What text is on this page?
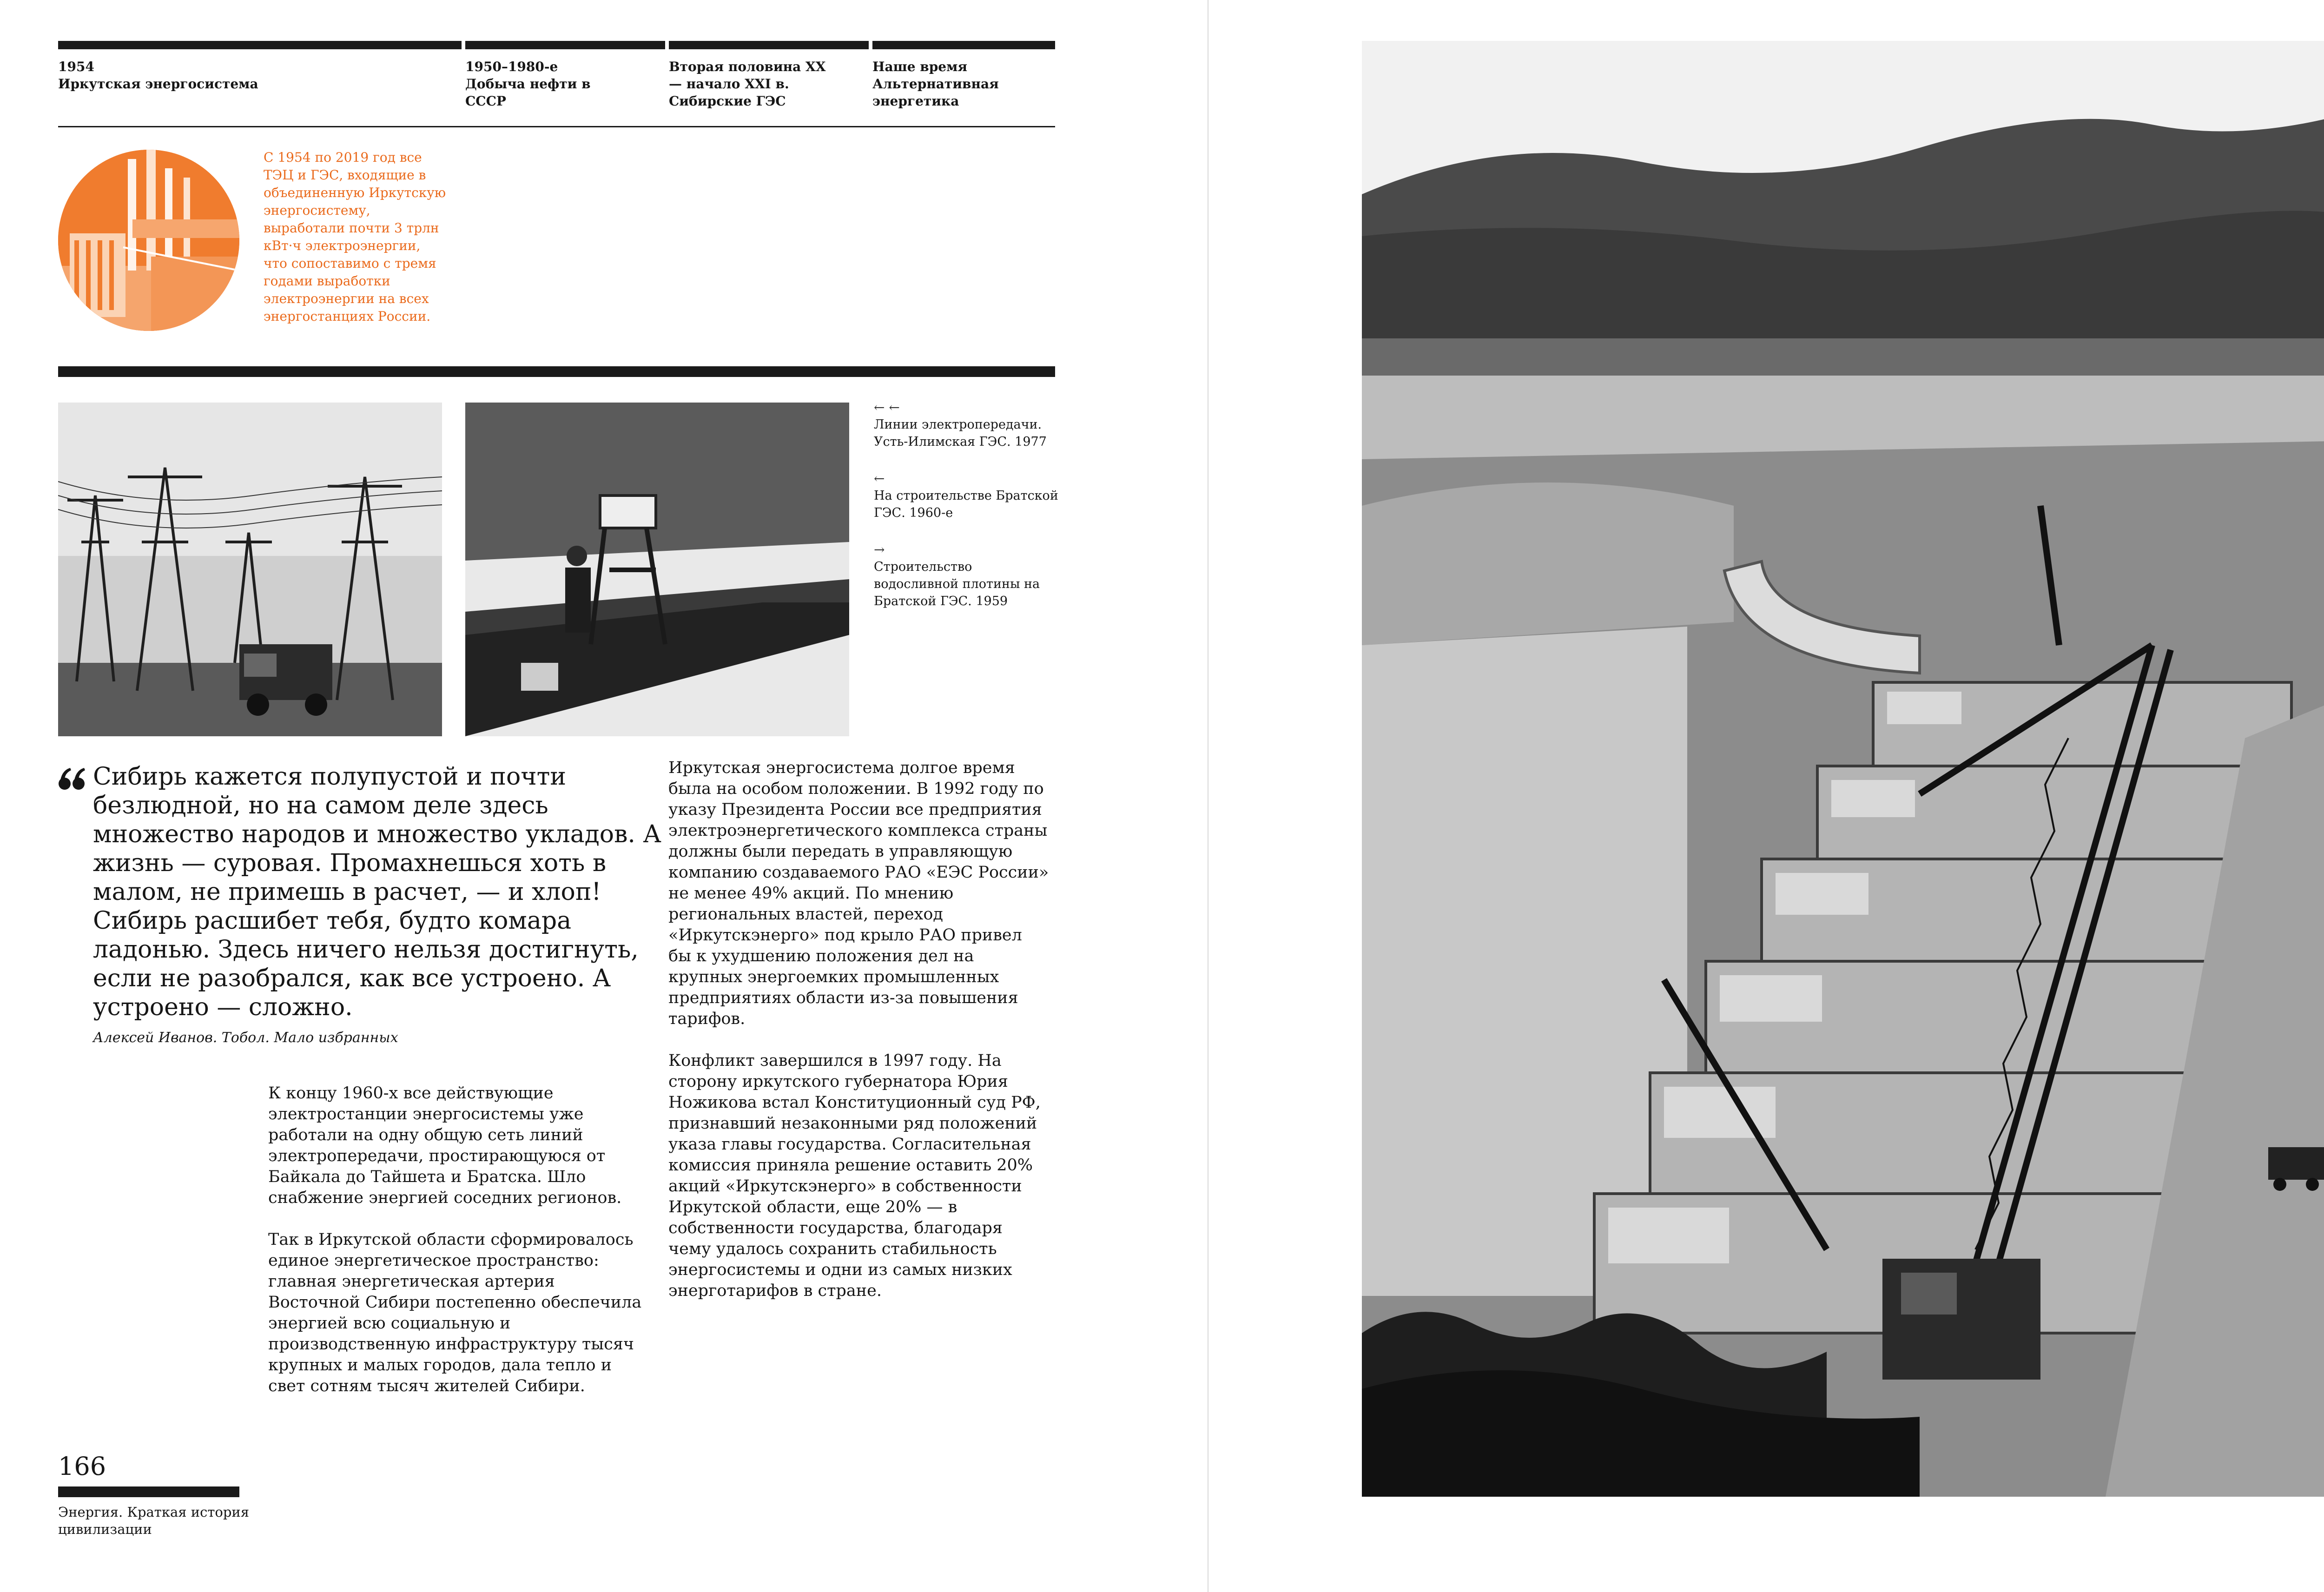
1954
Иркутская энергосистема
1950–1980-е
Добыча нефти в СССР
Вторая половина XX — начало XXI в.
Сибирские ГЭС
Наше время
Альтернативная энергетика
С 1954 по 2019 год все ТЭЦ и ГЭС, входящие в объединенную Иркутскую энергосистему, выработали почти 3 трлн кВт·ч электроэнергии, что сопоставимо с тремя годами выработки электроэнергии на всех энергостанциях России.

← ←
Линии электропередачи. Усть-Илимская ГЭС. 1977

←
На строительстве Братской ГЭС. 1960-е

→
Строительство водосливной плотины на Братской ГЭС. 1959

Сибирь кажется полупустой и почти безлюдной, но на самом деле здесь множество народов и множество укладов. А жизнь — суровая. Промахнешься хоть в малом, не примешь в расчет, — и хлоп! Сибирь расшибет тебя, будто комара ладонью. Здесь ничего нельзя достигнуть, если не разобрался, как все устроено. А устроено — сложно.

Алексей Иванов. Тобол. Мало избранных

К концу 1960-х все действующие электростанции энергосистемы уже работали на одну общую сеть линий электропередачи, простирающуюся от Байкала до Тайшета и Братска. Шло снабжение энергией соседних регионов.

Так в Иркутской области сформировалось единое энергетическое пространство: главная энергетическая артерия Восточной Сибири постепенно обеспечила энергией всю социальную и производственную инфраструктуру тысяч крупных и малых городов, дала тепло и свет сотням тысяч жителей Сибири.

Иркутская энергосистема долгое время была на особом положении. В 1992 году по указу Президента России все предприятия электроэнергетического комплекса страны должны были передать в управляющую компанию создаваемого РАО «ЕЭС России» не менее 49% акций. По мнению региональных властей, переход «Иркутскэнерго» под крыло РАО привел бы к ухудшению положения дел на крупных энергоемких промышленных предприятиях области из-за повышения тарифов.

Конфликт завершился в 1997 году. На сторону иркутского губернатора Юрия Ножикова встал Конституционный суд РФ, признавший незаконными ряд положений указа главы государства. Согласительная комиссия приняла решение оставить 20% акций «Иркутскэнерго» в собственности Иркутской области, еще 20% — в собственности государства, благодаря чему удалось сохранить стабильность энергосистемы и одни из самых низких энерготарифов в стране.

166
Энергия. Краткая история цивилизации
